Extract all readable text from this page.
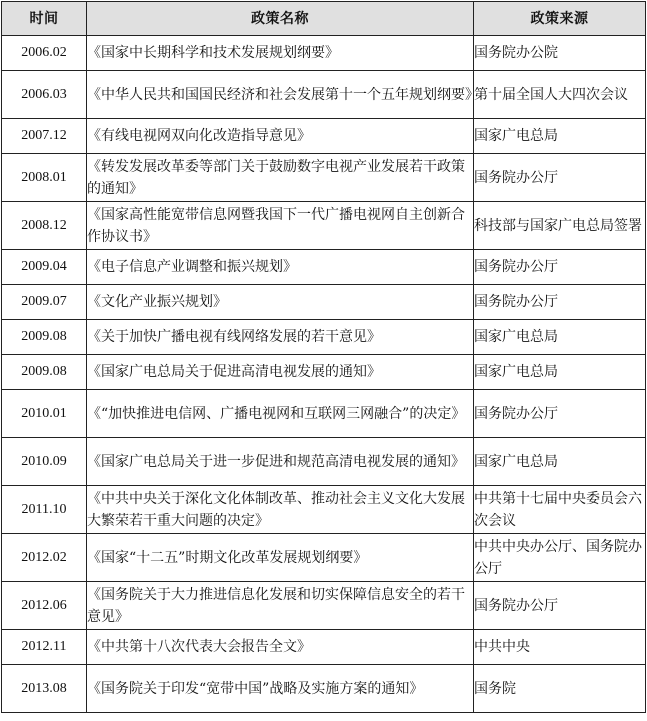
时间	政策名称	政策来源
2006.02	《国家中长期科学和技术发展规划纲要》	国务院办公院
2006.03	《中华人民共和国国民经济和社会发展第十一个五年规划纲要》	第十届全国人大四次会议
2007.12	《有线电视网双向化改造指导意见》	国家广电总局
2008.01	《转发发展改革委等部门关于鼓励数字电视产业发展若干政策的通知》	国务院办公厅
2008.12	《国家高性能宽带信息网暨我国下一代广播电视网自主创新合作协议书》	科技部与国家广电总局签署
2009.04	《电子信息产业调整和振兴规划》	国务院办公厅
2009.07	《文化产业振兴规划》	国务院办公厅
2009.08	《关于加快广播电视有线网络发展的若干意见》	国家广电总局
2009.08	《国家广电总局关于促进高清电视发展的通知》	国家广电总局
2010.01	《“加快推进电信网、广播电视网和互联网三网融合”的决定》	国务院办公厅
2010.09	《国家广电总局关于进一步促进和规范高清电视发展的通知》	国家广电总局
2011.10	《中共中央关于深化文化体制改革、推动社会主义文化大发展大繁荣若干重大问题的决定》	中共第十七届中央委员会六次会议
2012.02	《国家“十二五”时期文化改革发展规划纲要》	中共中央办公厅、国务院办公厅
2012.06	《国务院关于大力推进信息化发展和切实保障信息安全的若干意见》	国务院办公厅
2012.11	《中共第十八次代表大会报告全文》	中共中央
2013.08	《国务院关于印发“宽带中国”战略及实施方案的通知》	国务院
